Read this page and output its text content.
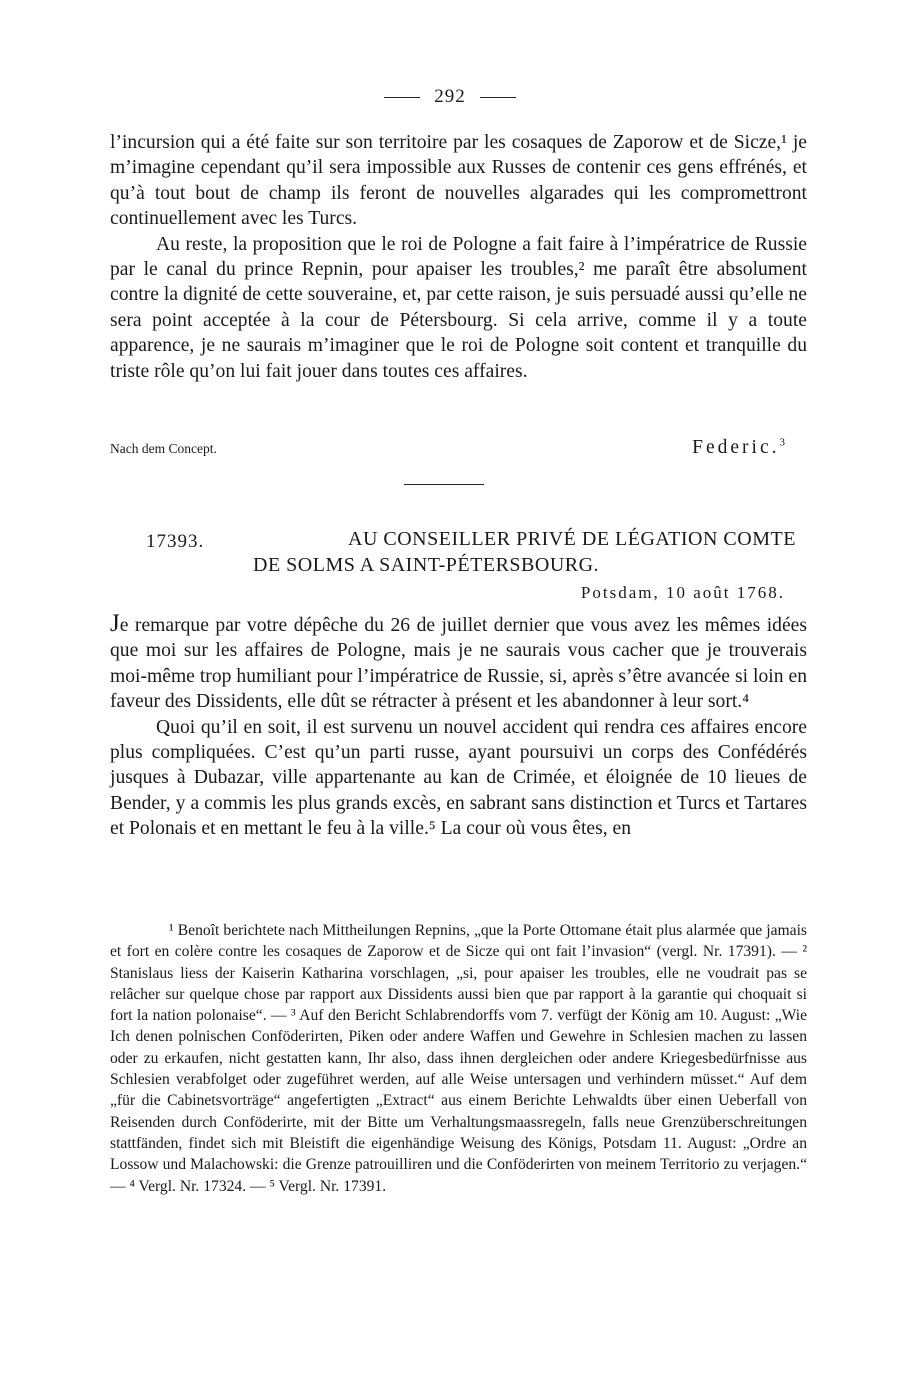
292

l’incursion qui a été faite sur son territoire par les cosaques de Zaporow et de Sicze,¹ je m’imagine cependant qu’il sera impossible aux Russes de contenir ces gens effrénés, et qu’à tout bout de champ ils feront de nouvelles algarades qui les compromettront continuellement avec les Turcs.

Au reste, la proposition que le roi de Pologne a fait faire à l’impératrice de Russie par le canal du prince Repnin, pour apaiser les troubles,² me paraît être absolument contre la dignité de cette souveraine, et, par cette raison, je suis persuadé aussi qu’elle ne sera point acceptée à la cour de Pétersbourg. Si cela arrive, comme il y a toute apparence, je ne saurais m’imaginer que le roi de Pologne soit content et tranquille du triste rôle qu’on lui fait jouer dans toutes ces affaires.

Nach dem Concept.	Federic.$^3$
17393.	AU CONSEILLER PRIVÉ DE LÉGATION COMTE
DE SOLMS A SAINT-PÉTERSBOURG.
Potsdam, 10 août 1768.

Je remarque par votre dépêche du 26 de juillet dernier que vous avez les mêmes idées que moi sur les affaires de Pologne, mais je ne saurais vous cacher que je trouverais moi-même trop humiliant pour l’impératrice de Russie, si, après s’être avancée si loin en faveur des Dissidents, elle dût se rétracter à présent et les abandonner à leur sort.⁴

Quoi qu’il en soit, il est survenu un nouvel accident qui rendra ces affaires encore plus compliquées. C’est qu’un parti russe, ayant poursuivi un corps des Confédérés jusques à Dubazar, ville appartenante au kan de Crimée, et éloignée de 10 lieues de Bender, y a commis les plus grands excès, en sabrant sans distinction et Turcs et Tartares et Polonais et en mettant le feu à la ville.⁵ La cour où vous êtes, en

¹ Benoît berichtete nach Mittheilungen Repnins, „que la Porte Ottomane était plus alarmée que jamais et fort en colère contre les cosaques de Zaporow et de Sicze qui ont fait l’invasion“ (vergl. Nr. 17391). — ² Stanislaus liess der Kaiserin Katharina vorschlagen, „si, pour apaiser les troubles, elle ne voudrait pas se relâcher sur quelque chose par rapport aux Dissidents aussi bien que par rapport à la garantie qui choquait si fort la nation polonaise“. — ³ Auf den Bericht Schlabrendorffs vom 7. verfügt der König am 10. August: „Wie Ich denen polnischen Conföderirten, Piken oder andere Waffen und Gewehre in Schlesien machen zu lassen oder zu erkaufen, nicht gestatten kann, Ihr also, dass ihnen dergleichen oder andere Kriegesbedürfnisse aus Schlesien verabfolget oder zugeführet werden, auf alle Weise untersagen und verhindern müsset.“ Auf dem „für die Cabinetsvorträge“ angefertigten „Extract“ aus einem Berichte Lehwaldts über einen Ueberfall von Reisenden durch Conföderirte, mit der Bitte um Verhaltungsmaassregeln, falls neue Grenzüberschreitungen stattfänden, findet sich mit Bleistift die eigenhändige Weisung des Königs, Potsdam 11. August: „Ordre an Lossow und Malachowski: die Grenze patrouilliren und die Conföderirten von meinem Territorio zu verjagen.“ — ⁴ Vergl. Nr. 17324. — ⁵ Vergl. Nr. 17391.
